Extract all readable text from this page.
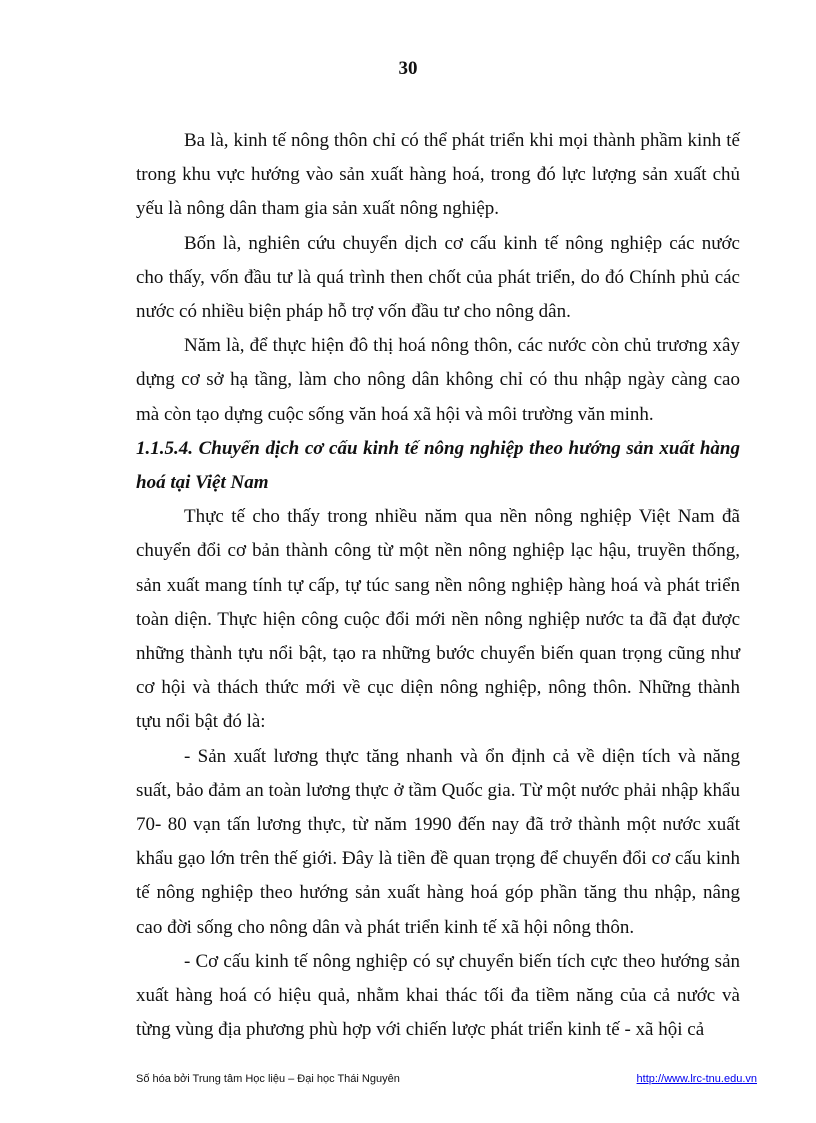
30

Ba là, kinh tế nông thôn chỉ có thể phát triển khi mọi thành phầm kinh tế trong khu vực hướng vào sản xuất hàng hoá, trong đó lực lượng sản xuất chủ yếu là nông dân tham gia sản xuất nông nghiệp.

Bốn là, nghiên cứu chuyển dịch cơ cấu kinh tế nông nghiệp các nước cho thấy, vốn đầu tư là quá trình then chốt của phát triển, do đó Chính phủ các nước có nhiều biện pháp hỗ trợ vốn đầu tư cho nông dân.

Năm là, để thực hiện đô thị hoá nông thôn, các nước còn chủ trương xây dựng cơ sở hạ tầng, làm cho nông dân không chỉ có thu nhập ngày càng cao mà còn tạo dựng cuộc sống văn hoá xã hội và môi trường văn minh.

1.1.5.4. Chuyển dịch cơ cấu kinh tế nông nghiệp theo hướng sản xuất hàng hoá tại Việt Nam

Thực tế cho thấy trong nhiều năm qua nền nông nghiệp Việt Nam đã chuyển đổi cơ bản thành công từ một nền nông nghiệp lạc hậu, truyền thống, sản xuất mang tính tự cấp, tự túc sang nền nông nghiệp hàng hoá và phát triển toàn diện. Thực hiện công cuộc đổi mới nền nông nghiệp nước ta đã đạt được những thành tựu nổi bật, tạo ra những bước chuyển biến quan trọng cũng như cơ hội và thách thức mới về cục diện nông nghiệp, nông thôn. Những thành tựu nổi bật đó là:

- Sản xuất lương thực tăng nhanh và ổn định cả về diện tích và năng suất, bảo đảm an toàn lương thực ở tầm Quốc gia. Từ một nước phải nhập khẩu 70- 80 vạn tấn lương thực, từ năm 1990 đến nay đã trở thành một nước xuất khẩu gạo lớn trên thế giới. Đây là tiền đề quan trọng để chuyển đổi cơ cấu kinh tế nông nghiệp theo hướng sản xuất hàng hoá góp phần tăng thu nhập, nâng cao đời sống cho nông dân và phát triển kinh tế xã hội nông thôn.

- Cơ cấu kinh tế nông nghiệp có sự chuyển biến tích cực theo hướng sản xuất hàng hoá có hiệu quả, nhằm khai thác tối đa tiềm năng của cả nước và từng vùng địa phương phù hợp với chiến lược phát triển kinh tế - xã hội cả

Số hóa bởi Trung tâm Học liệu – Đại học Thái Nguyên	http://www.lrc-tnu.edu.vn
